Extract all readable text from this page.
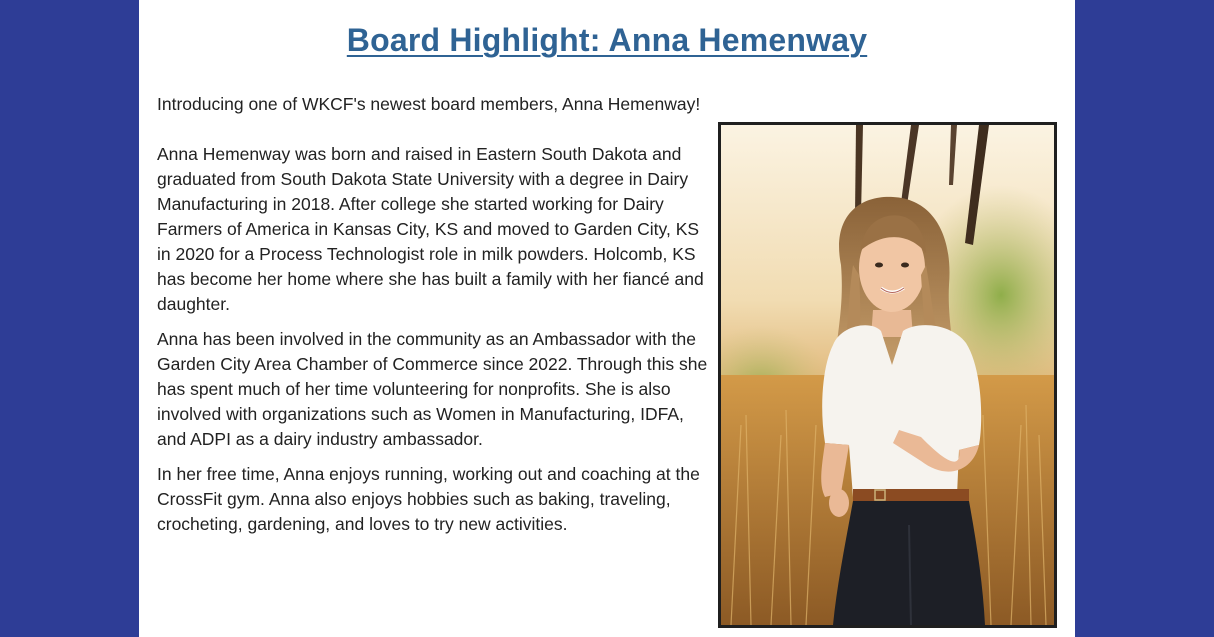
Board Highlight: Anna Hemenway

Introducing one of WKCF's newest board members, Anna Hemenway!

Anna Hemenway was born and raised in Eastern South Dakota and graduated from South Dakota State University with a degree in Dairy Manufacturing in 2018. After college she started working for Dairy Farmers of America in Kansas City, KS and moved to Garden City, KS in 2020 for a Process Technologist role in milk powders. Holcomb, KS has become her home where she has built a family with her fiancé and daughter.

Anna has been involved in the community as an Ambassador with the Garden City Area Chamber of Commerce since 2022. Through this she has spent much of her time volunteering for nonprofits. She is also involved with organizations such as Women in Manufacturing, IDFA, and ADPI as a dairy industry ambassador.

In her free time, Anna enjoys running, working out and coaching at the CrossFit gym. Anna also enjoys hobbies such as baking, traveling, crocheting, gardening, and loves to try new activities.
